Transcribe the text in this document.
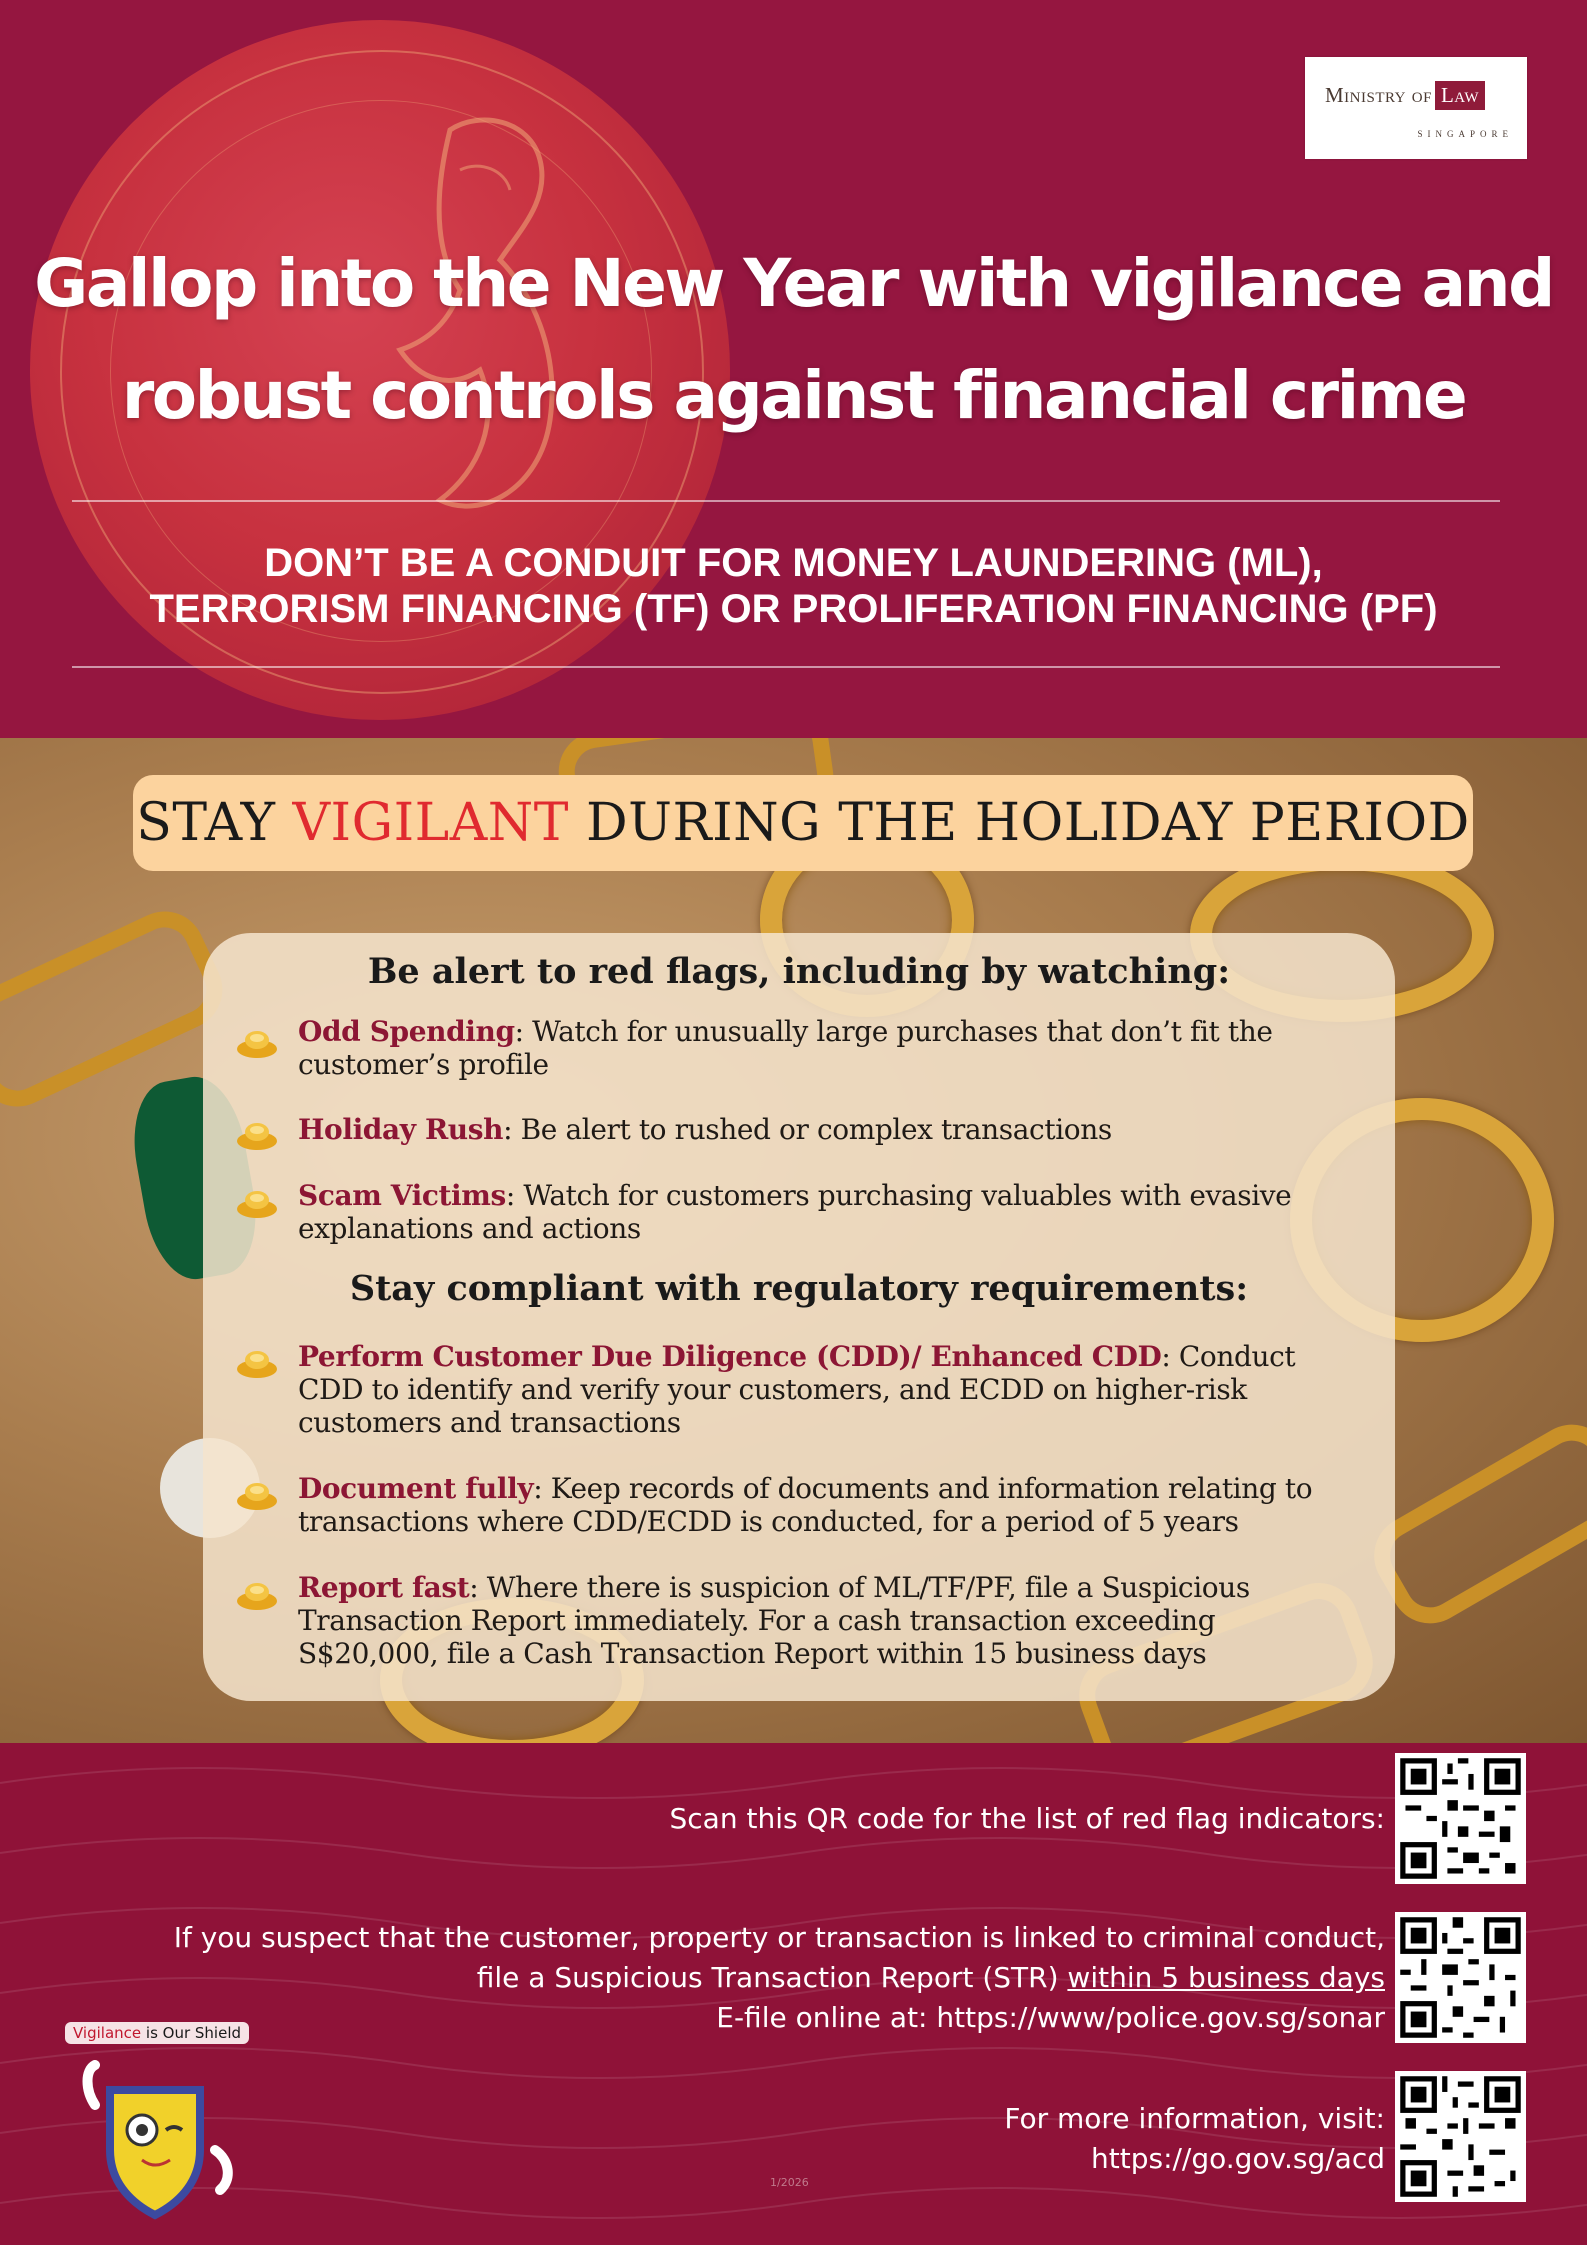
Ministry of Law
SINGAPORE
Gallop into the New Year with vigilance and
robust controls against financial crime
DON’T BE A CONDUIT FOR MONEY LAUNDERING (ML),
TERRORISM FINANCING (TF) OR PROLIFERATION FINANCING (PF)
STAY VIGILANT DURING THE HOLIDAY PERIOD
Be alert to red flags, including by watching:
Odd Spending: Watch for unusually large purchases that don’t fit the customer’s profile
Holiday Rush: Be alert to rushed or complex transactions
Scam Victims: Watch for customers purchasing valuables with evasive explanations and actions
Stay compliant with regulatory requirements:
Perform Customer Due Diligence (CDD)/ Enhanced CDD: Conduct CDD to identify and verify your customers, and ECDD on higher-risk customers and transactions
Document fully: Keep records of documents and information relating to transactions where CDD/ECDD is conducted, for a period of 5 years
Report fast: Where there is suspicion of ML/TF/PF, file a Suspicious Transaction Report immediately. For a cash transaction exceeding S$20,000, file a Cash Transaction Report within 15 business days
Scan this QR code for the list of red flag indicators:
If you suspect that the customer, property or transaction is linked to criminal conduct,
file a Suspicious Transaction Report (STR) within 5 business days
E-file online at: https://www/police.gov.sg/sonar
For more information, visit:
https://go.gov.sg/acd
Vigilance is Our Shield
1/2026
